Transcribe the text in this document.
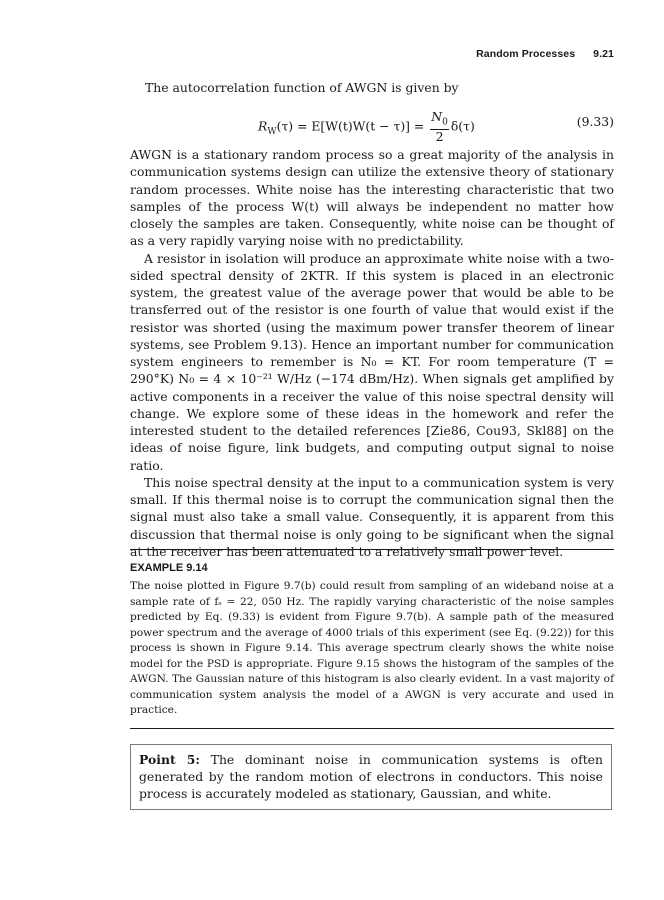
Random Processes 9.21
The autocorrelation function of AWGN is given by
$R_W(\tau) = E[W(t)W(t - \tau)] = \frac{N_0}{2} \delta(\tau)$	(9.33)

AWGN is a stationary random process so a great majority of the analysis in communication systems design can utilize the extensive theory of stationary random processes. White noise has the interesting characteristic that two samples of the process W(t) will always be independent no matter how closely the samples are taken. Consequently, white noise can be thought of as a very rapidly varying noise with no predictability.

A resistor in isolation will produce an approximate white noise with a two-sided spectral density of 2KTR. If this system is placed in an electronic system, the greatest value of the average power that would be able to be transferred out of the resistor is one fourth of value that would exist if the resistor was shorted (using the maximum power transfer theorem of linear systems, see Problem 9.13). Hence an important number for communication system engineers to remember is N₀ = KT. For room temperature (T = 290°K) N₀ = 4 × 10⁻²¹ W/Hz (−174 dBm/Hz). When signals get amplified by active components in a receiver the value of this noise spectral density will change. We explore some of these ideas in the homework and refer the interested student to the detailed references [Zie86, Cou93, Skl88] on the ideas of noise figure, link budgets, and computing output signal to noise ratio.

This noise spectral density at the input to a communication system is very small. If this thermal noise is to corrupt the communication signal then the signal must also take a small value. Consequently, it is apparent from this discussion that thermal noise is only going to be significant when the signal at the receiver has been attenuated to a relatively small power level.

EXAMPLE 9.14
The noise plotted in Figure 9.7(b) could result from sampling of an wideband noise at a sample rate of fₛ = 22, 050 Hz. The rapidly varying characteristic of the noise samples predicted by Eq. (9.33) is evident from Figure 9.7(b). A sample path of the measured power spectrum and the average of 4000 trials of this experiment (see Eq. (9.22)) for this process is shown in Figure 9.14. This average spectrum clearly shows the white noise model for the PSD is appropriate. Figure 9.15 shows the histogram of the samples of the AWGN. The Gaussian nature of this histogram is also clearly evident. In a vast majority of communication system analysis the model of a AWGN is very accurate and used in practice.
Point 5: The dominant noise in communication systems is often generated by the random motion of electrons in conductors. This noise process is accurately modeled as stationary, Gaussian, and white.
